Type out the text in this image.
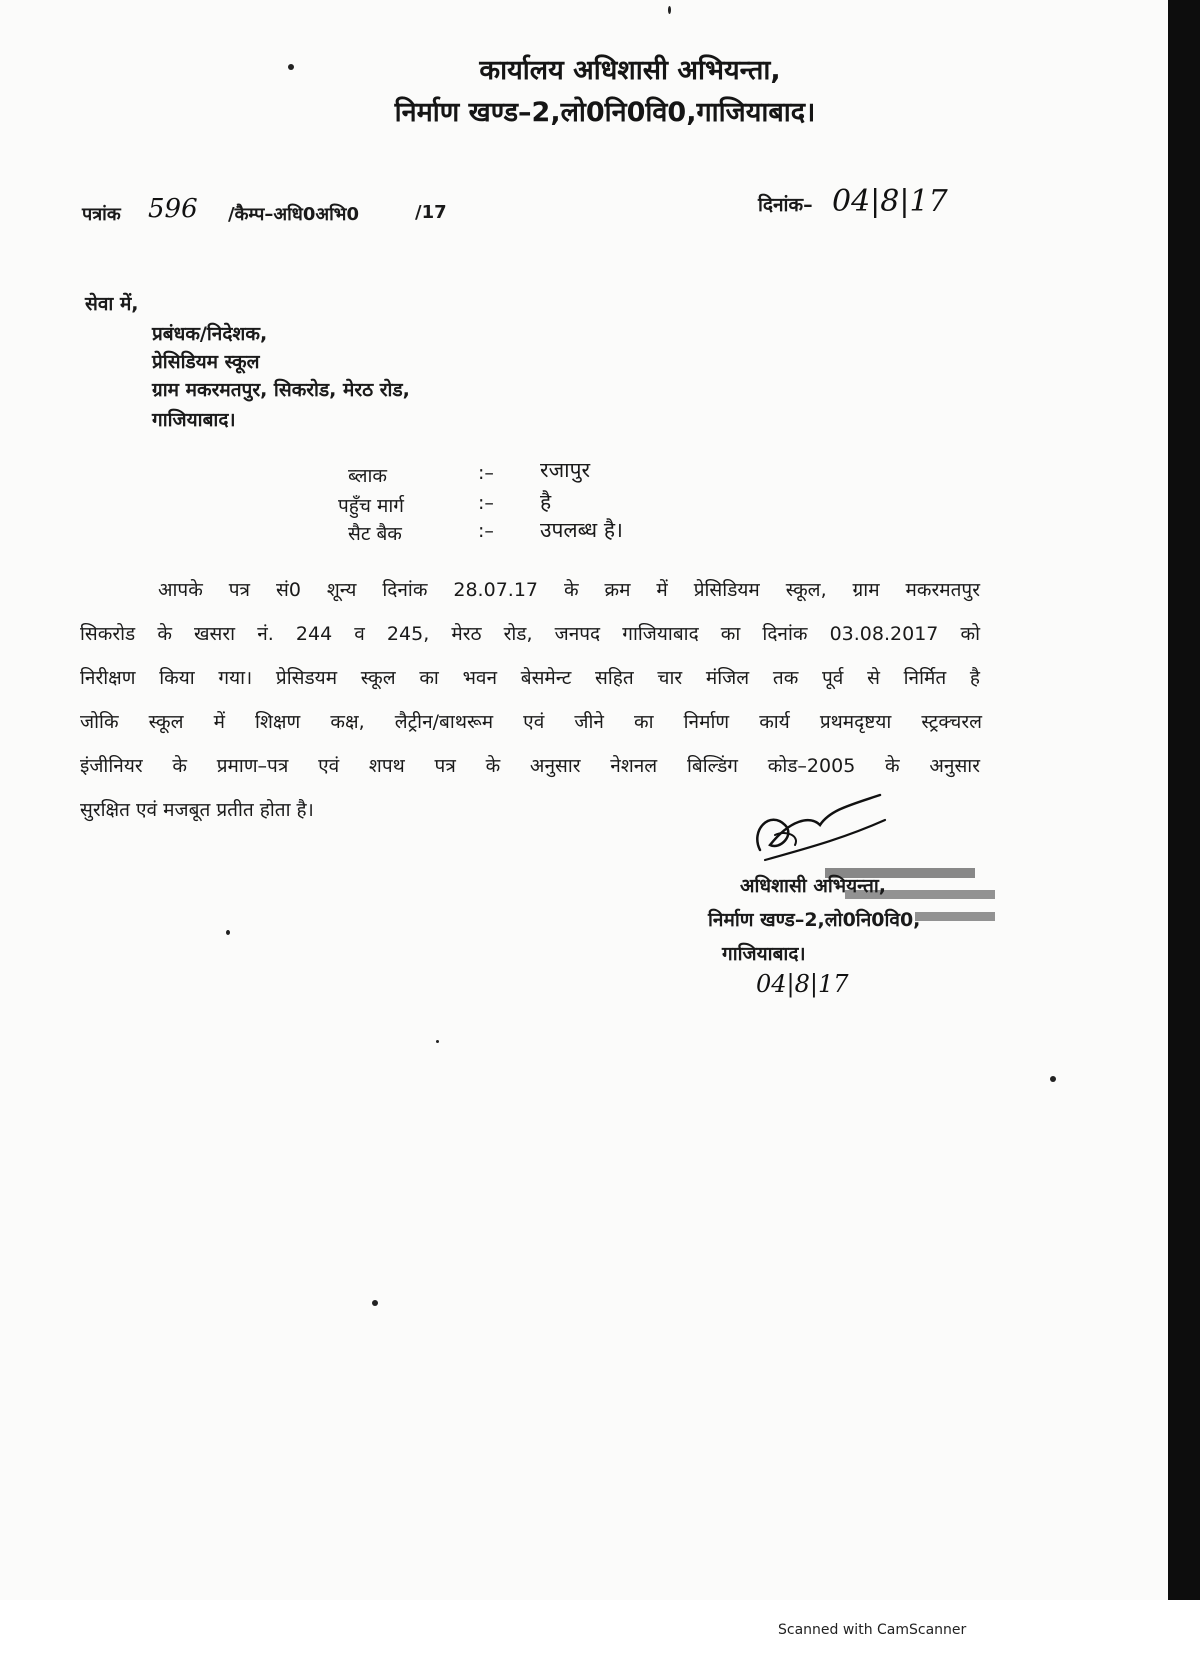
कार्यालय अधिशासी अभियन्ता,
निर्माण खण्ड–2,लो0नि0वि0,गाजियाबाद।
पत्रांक 596 /कैम्प–अधि0अभि0	/17	दिनांक– 04|8|17
सेवा में,
प्रबंधक/निदेशक,
प्रेसिडियम स्कूल
ग्राम मकरमतपुर, सिकरोड, मेरठ रोड,
गाजियाबाद।
ब्लाक	:– रजापुर
पहुँच मार्ग	:– है
सैट बैक	:– उपलब्ध है।
आपके पत्र सं0 शून्य दिनांक 28.07.17 के क्रम में प्रेसिडियम स्कूल, ग्राम मकरमतपुर
सिकरोड के खसरा नं. 244 व 245, मेरठ रोड, जनपद गाजियाबाद का दिनांक 03.08.2017 को
निरीक्षण किया गया। प्रेसिडयम स्कूल का भवन बेसमेन्ट सहित चार मंजिल तक पूर्व से निर्मित है
जोकि स्कूल में शिक्षण कक्ष, लैट्रीन/बाथरूम एवं जीने का निर्माण कार्य प्रथमदृष्टया स्ट्रक्चरल
इंजीनियर के प्रमाण–पत्र एवं शपथ पत्र के अनुसार नेशनल बिल्डिंग कोड–2005 के अनुसार
सुरक्षित एवं मजबूत प्रतीत होता है।
अधिशासी अभियन्ता,
निर्माण खण्ड–2,लो0नि0वि0,
गाजियाबाद।
04|8|17
Scanned with CamScanner
